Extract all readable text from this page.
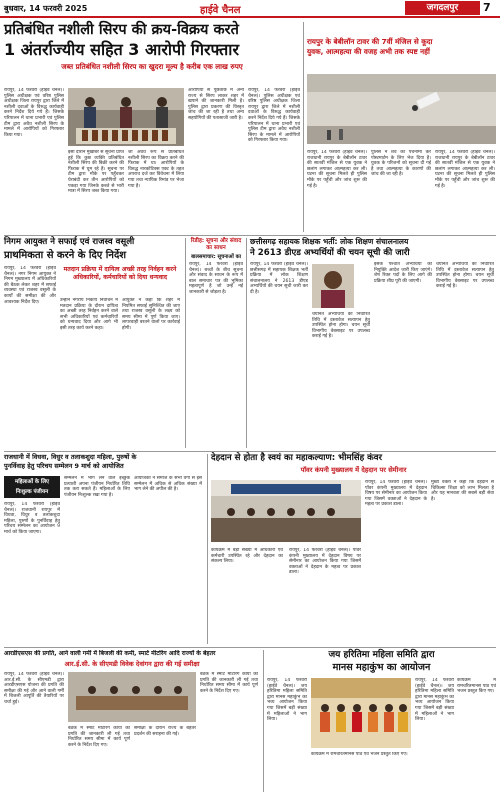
बुधवार, 14 फरवरी 2025	हाईवे चैनल	जगदलपुर	7
प्रतिबंधित नशीली सिरप की क्रय-विक्रय करते
1 अंतर्राज्यीय सहित 3 आरोपी गिरफ्तार
जब्त प्रतिबंधित नशीली सिरप का खुदरा मूल्य है करीब एक लाख रुपए
रायपुर, 14 फरवरी (हाईवे चैनल)। पुलिस अधीक्षक एवं वरिष्ठ पुलिस अधीक्षक जिला रायपुर द्वारा जिले में नशीली दवाओं के विरुद्ध कार्यवाही करने निर्देश दिये गये हैं। जिसके परिपालन में थाना प्रभारी एवं पुलिस टीम द्वारा अवैध नशीली सिरप के मामले में आरोपियों को गिरफ्तार किया गया।
इसी दौरान मुखबिर से सूचना प्राप्त हुई कि कुछ व्यक्ति प्रतिबंधित नशीली सिरप की बिक्री करने की फिराक में घूम रहे हैं। सूचना पर टीम द्वारा मौके पर पहुँचकर घेराबंदी कर तीन आरोपियों को पकड़ा गया जिनके कब्जे से भारी मात्रा में सिरप जब्त किया गया।
जो अवैध रूप से प्रतिबंधित नशीली सिरप का विक्रय करने की फिराक में था। आरोपियों के विरुद्ध नारकोटिक्स एक्ट के तहत अपराध दर्ज कर विवेचना में लिया गया तथा न्यायिक रिमांड पर भेजा गया है।
आरोपियों से पूछताछ में अन्य राज्य से सिरप लाकर शहर में खपाने की जानकारी मिली है। पुलिस द्वारा प्रकरण की विस्तृत जांच की जा रही है तथा अन्य सहयोगियों की पतासाजी जारी है।
रायपुर, 14 फरवरी (हाईवे चैनल)। पुलिस अधीक्षक एवं वरिष्ठ पुलिस अधीक्षक जिला रायपुर द्वारा जिले में नशीली दवाओं के विरुद्ध कार्यवाही करने निर्देश दिये गये हैं। जिसके परिपालन में थाना प्रभारी एवं पुलिस टीम द्वारा अवैध नशीली सिरप के मामले में आरोपियों को गिरफ्तार किया गया।
रायपुर के बेबीलॉन टावर की 7वीं मंजिल से कूदा
युवक, आत्महत्या की वजह अभी तक स्पष्ट नहीं
रायपुर, 14 फरवरी (हाईवे चैनल)। राजधानी रायपुर के बेबीलॉन टावर की सातवीं मंजिल से एक युवक ने छलांग लगाकर आत्महत्या कर ली। घटना की सूचना मिलते ही पुलिस मौके पर पहुँची और जांच शुरू की गई है।
पुलिस ने शव का पंचनामा कर पोस्टमार्टम के लिए भेज दिया है। युवक के परिजनों को सूचना दी गई है तथा आत्महत्या के कारणों की जांच की जा रही है।
रायपुर, 14 फरवरी (हाईवे चैनल)। राजधानी रायपुर के बेबीलॉन टावर की सातवीं मंजिल से एक युवक ने छलांग लगाकर आत्महत्या कर ली। घटना की सूचना मिलते ही पुलिस मौके पर पहुँची और जांच शुरू की गई है।
निगम आयुक्त ने सफाई एवं राजस्व वसूली
प्राथमिकता से करने के दिए निर्देश
रायपुर, 14 फरवरी (हाईवे चैनल)। नगर निगम आयुक्त ने निगम मुख्यालय में अधिकारियों की बैठक लेकर शहर में सफाई व्यवस्था एवं राजस्व वसूली के कार्यों की समीक्षा की और आवश्यक निर्देश दिए।
मतदान प्रक्रिया में दायित्व अच्छी तरह निर्वहन करने अधिकारियों, कर्मचारियों को दिया धन्यवाद
उन्होंने नगरीय निकाय निर्वाचन में मतदान प्रक्रिया के दौरान दायित्व का अच्छी तरह निर्वहन करने वाले सभी अधिकारियों एवं कर्मचारियों को धन्यवाद दिया और आगे भी इसी तरह कार्य करने कहा।
आयुक्त ने कहा कि शहर में नियमित सफाई सुनिश्चित की जाए तथा राजस्व वसूली के लक्ष्य को समय सीमा में पूर्ण किया जाए। लापरवाही बरतने वालों पर कार्रवाई होगी।
रिडीह: सूचना और संवाद का साधन
बालसमाचार: सूचनाओं का
रायपुर, 14 फरवरी (हाईवे चैनल)। बच्चों के बीच सूचना और संवाद के साधन के रूप में बाल समाचार पत्र की भूमिका महत्वपूर्ण है जो उन्हें नई जानकारी से जोड़ता है।
छत्तीसगढ़ सहायक शिक्षक भर्ती: लोक शिक्षण संचालनालय
ने 2613 डीएड अभ्यर्थियों की चयन सूची की जारी
रायपुर, 14 फरवरी (हाईवे चैनल)। छत्तीसगढ़ में सहायक शिक्षक भर्ती प्रक्रिया में लोक शिक्षण संचालनालय ने 2613 डीएड अभ्यर्थियों की चयन सूची जारी कर दी है।
चयनित अभ्यर्थियों को निर्धारित तिथि में दस्तावेज सत्यापन हेतु उपस्थित होना होगा। चयन सूची विभागीय वेबसाइट पर उपलब्ध कराई गई है।
इसके पश्चात अभ्यर्थियों को नियुक्ति आदेश जारी किए जाएंगे। शेष रिक्त पदों के लिए आगे की प्रक्रिया शीघ्र पूरी की जाएगी।
चयनित अभ्यर्थियों को निर्धारित तिथि में दस्तावेज सत्यापन हेतु उपस्थित होना होगा। चयन सूची विभागीय वेबसाइट पर उपलब्ध कराई गई है।
राजधानी में विधवा, विधुर व तलाकशुदा महिला, पुरुषों के
पुनर्विवाह हेतु परिचय सम्मेलन 9 मार्च को आयोजित
महिलाओं के लिए
निःशुल्क पंजीयन
रायपुर, 14 फरवरी (हाईवे चैनल)। राजधानी रायपुर में विधवा, विधुर व तलाकशुदा महिला, पुरुषों के पुनर्विवाह हेतु परिचय सम्मेलन का आयोजन 9 मार्च को किया जाएगा।
सम्मेलन में भाग लेने वाले इच्छुक प्रत्याशी अपना पंजीयन निर्धारित तिथि तक करा सकते हैं। महिलाओं के लिए पंजीयन निःशुल्क रखा गया है।
आयोजकों ने समाज के सभी वर्गों से इस सम्मेलन में अधिक से अधिक संख्या में भाग लेने की अपील की है।
देहदान से होता है स्वयं का महाकल्याण: भीमसिंह कंवर
पॉवर कंपनी मुख्यालय में देहदान पर सेमीनार
रायपुर, 14 फरवरी (हाईवे चैनल)। पॉवर कंपनी मुख्यालय में देहदान विषय पर सेमीनार का आयोजन किया गया जिसमें वक्ताओं ने देहदान के महत्व पर प्रकाश डाला।
मुख्य वक्ता ने कहा कि देहदान से चिकित्सा शिक्षा को लाभ मिलता है और यह मानवता की सबसे बड़ी सेवा है।
कार्यक्रम में बड़ी संख्या में अधिकारी एवं कर्मचारी उपस्थित रहे और देहदान का संकल्प लिया।
रायपुर, 14 फरवरी (हाईवे चैनल)। पॉवर कंपनी मुख्यालय में देहदान विषय पर सेमीनार का आयोजन किया गया जिसमें वक्ताओं ने देहदान के महत्व पर प्रकाश डाला।
आरडीएसएस की प्रगति, आने वाली गर्मी में बिजली की कमी, स्मार्ट मीटरिंग आदि राज्यों के बेहतर
आर.ई.सी. के सीएमडी विवेक देवांगन द्वारा की गई समीक्षा
रायपुर, 14 फरवरी (हाईवे चैनल)। आर.ई.सी. के सीएमडी द्वारा आरडीएसएस योजना की प्रगति की समीक्षा की गई और आने वाली गर्मी में बिजली आपूर्ति की तैयारियों पर चर्चा हुई।
बैठक में स्मार्ट मीटरिंग कार्यों की प्रगति की जानकारी ली गई तथा निर्धारित समय सीमा में कार्य पूर्ण करने के निर्देश दिए गए।
समीक्षा के दौरान राज्य के बेहतर प्रदर्शन की सराहना की गई।
बैठक में स्मार्ट मीटरिंग कार्यों की प्रगति की जानकारी ली गई तथा निर्धारित समय सीमा में कार्य पूर्ण करने के निर्देश दिए गए।
जय हरितिमा महिला समिति द्वारा
मानस महाकुंभ का आयोजन
रायपुर, 14 फरवरी (हाईवे चैनल)। जय हरितिमा महिला समिति द्वारा मानस महाकुंभ का भव्य आयोजन किया गया जिसमें बड़ी संख्या में महिलाओं ने भाग लिया।
कार्यक्रम में रामचरितमानस पाठ एवं भजन प्रस्तुत किए गए।
रायपुर, 14 फरवरी (हाईवे चैनल)। जय हरितिमा महिला समिति द्वारा मानस महाकुंभ का भव्य आयोजन किया गया जिसमें बड़ी संख्या में महिलाओं ने भाग लिया।
कार्यक्रम में रामचरितमानस पाठ एवं भजन प्रस्तुत किए गए।
